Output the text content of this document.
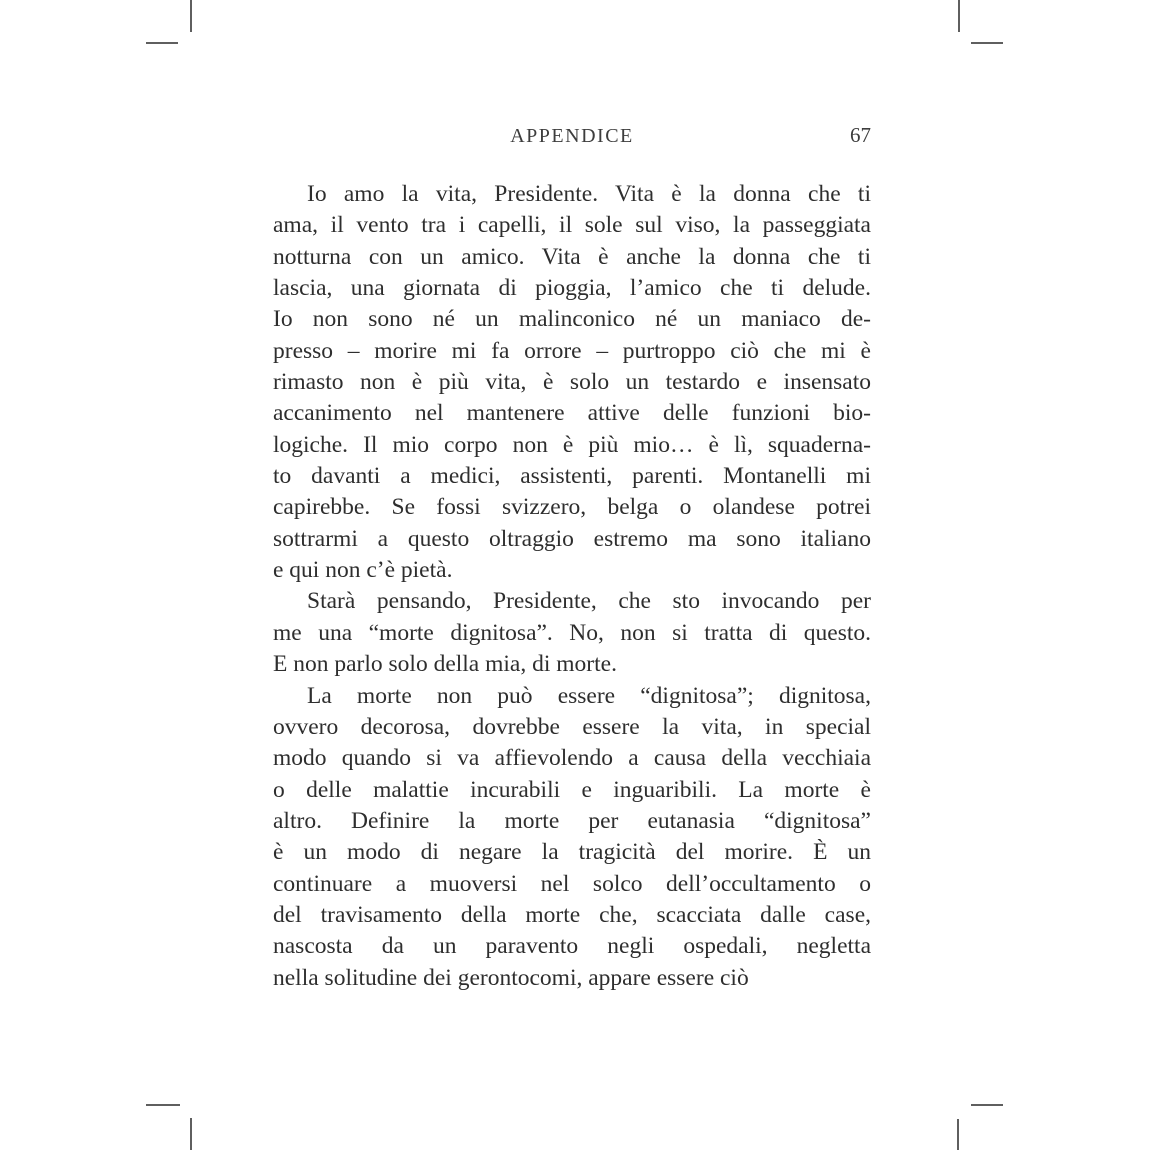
APPENDICE	67
Io amo la vita, Presidente. Vita è la donna che ti
ama, il vento tra i capelli, il sole sul viso, la passeggiata
notturna con un amico. Vita è anche la donna che ti
lascia, una giornata di pioggia, l’amico che ti delude.
Io non sono né un malinconico né un maniaco de-
presso – morire mi fa orrore – purtroppo ciò che mi è
rimasto non è più vita, è solo un testardo e insensato
accanimento nel mantenere attive delle funzioni bio-
logiche. Il mio corpo non è più mio… è lì, squaderna-
to davanti a medici, assistenti, parenti. Montanelli mi
capirebbe. Se fossi svizzero, belga o olandese potrei
sottrarmi a questo oltraggio estremo ma sono italiano
e qui non c’è pietà.
Starà pensando, Presidente, che sto invocando per
me una “morte dignitosa”. No, non si tratta di questo.
E non parlo solo della mia, di morte.
La morte non può essere “dignitosa”; dignitosa,
ovvero decorosa, dovrebbe essere la vita, in special
modo quando si va affievolendo a causa della vecchiaia
o delle malattie incurabili e inguaribili. La morte è
altro. Definire la morte per eutanasia “dignitosa”
è un modo di negare la tragicità del morire. È un
continuare a muoversi nel solco dell’occultamento o
del travisamento della morte che, scacciata dalle case,
nascosta da un paravento negli ospedali, negletta
nella solitudine dei gerontocomi, appare essere ciò
